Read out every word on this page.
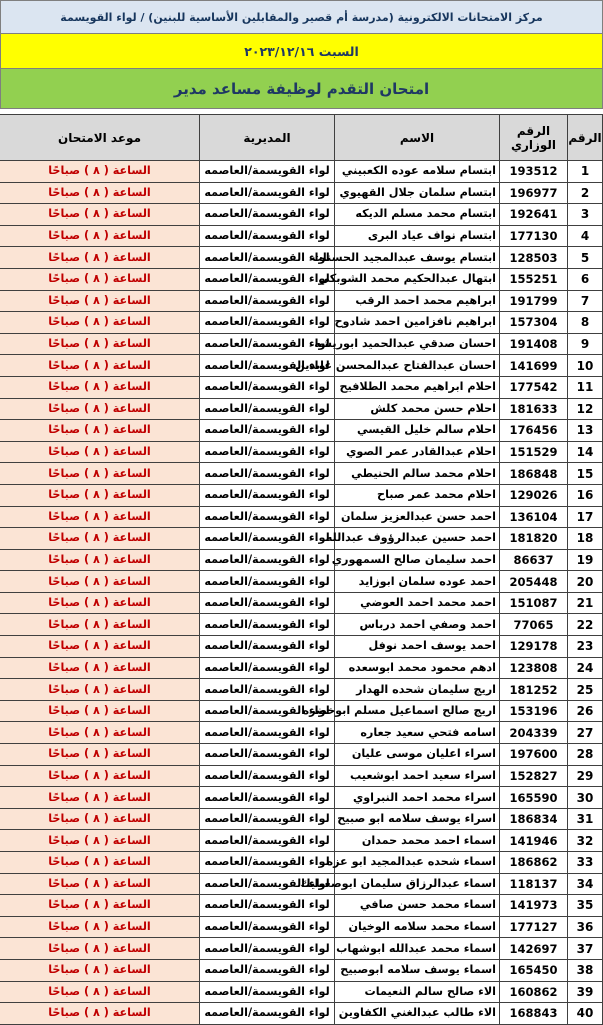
مركز الامتحانات الالكترونية (مدرسة أم قصير والمقابلين الأساسية للبنين) / لواء القويسمة
السبت ٢٠٢٣/١٢/١٦
امتحان التقدم لوظيفة مساعد مدير
الرقم	الرقم الوزاري	الاسم	المديرية	موعد الامتحان
1	193512	ابتسام سلامه عوده الكعبيني	لواء القويسمة/العاصمه	الساعة ( ٨ ) صباحًا
2	196977	ابتسام سلمان جلال القهيوي	لواء القويسمة/العاصمه	الساعة ( ٨ ) صباحًا
3	192641	ابتسام محمد مسلم الديكه	لواء القويسمة/العاصمه	الساعة ( ٨ ) صباحًا
4	177130	ابتسام نواف عياد البرى	لواء القويسمة/العاصمه	الساعة ( ٨ ) صباحًا
5	128503	ابتسام يوسف عبدالمجيد الحسنات	لواء القويسمة/العاصمه	الساعة ( ٨ ) صباحًا
6	155251	ابتهال عبدالحكيم محمد الشوبكي	لواء القويسمة/العاصمه	الساعة ( ٨ ) صباحًا
7	191799	ابراهيم محمد احمد الرقب	لواء القويسمة/العاصمه	الساعة ( ٨ ) صباحًا
8	157304	ابراهيم نافزامين احمد شادوح	لواء القويسمة/العاصمه	الساعة ( ٨ ) صباحًا
9	191408	احسان صدقي عبدالحميد ابوريشه	لواء القويسمة/العاصمه	الساعة ( ٨ ) صباحًا
10	141699	احسان عبدالفتاح عبدالمحسن عابدين	لواء القويسمة/العاصمه	الساعة ( ٨ ) صباحًا
11	177542	احلام ابراهيم محمد الطلافيح	لواء القويسمة/العاصمه	الساعة ( ٨ ) صباحًا
12	181633	احلام حسن محمد كلش	لواء القويسمة/العاصمه	الساعة ( ٨ ) صباحًا
13	176456	احلام سالم خليل القيسي	لواء القويسمة/العاصمه	الساعة ( ٨ ) صباحًا
14	151529	احلام عبدالقادر عمر الصوي	لواء القويسمة/العاصمه	الساعة ( ٨ ) صباحًا
15	186848	احلام محمد سالم الحنيطي	لواء القويسمة/العاصمه	الساعة ( ٨ ) صباحًا
16	129026	احلام محمد عمر صباح	لواء القويسمة/العاصمه	الساعة ( ٨ ) صباحًا
17	136104	احمد حسن عبدالعزيز سلمان	لواء القويسمة/العاصمه	الساعة ( ٨ ) صباحًا
18	181820	احمد حسين عبدالرؤوف عبدالله	لواء القويسمة/العاصمه	الساعة ( ٨ ) صباحًا
19	86637	احمد سليمان صالح السمهوري	لواء القويسمة/العاصمه	الساعة ( ٨ ) صباحًا
20	205448	احمد عوده سلمان ابوزايد	لواء القويسمة/العاصمه	الساعة ( ٨ ) صباحًا
21	151087	احمد محمد احمد العوضي	لواء القويسمة/العاصمه	الساعة ( ٨ ) صباحًا
22	77065	احمد وصفي احمد درباس	لواء القويسمة/العاصمه	الساعة ( ٨ ) صباحًا
23	129178	احمد يوسف احمد نوفل	لواء القويسمة/العاصمه	الساعة ( ٨ ) صباحًا
24	123808	ادهم محمود محمد ابوسعده	لواء القويسمة/العاصمه	الساعة ( ٨ ) صباحًا
25	181252	اريج سليمان شحده الهدار	لواء القويسمة/العاصمه	الساعة ( ٨ ) صباحًا
26	153196	اريج صالح اسماعيل مسلم ابوخضره	لواء القويسمة/العاصمه	الساعة ( ٨ ) صباحًا
27	204339	اسامه فتحي سعيد جعاره	لواء القويسمة/العاصمه	الساعة ( ٨ ) صباحًا
28	197600	اسراء اعليان موسى عليان	لواء القويسمة/العاصمه	الساعة ( ٨ ) صباحًا
29	152827	اسراء سعيد احمد ابوشعيب	لواء القويسمة/العاصمه	الساعة ( ٨ ) صباحًا
30	165590	اسراء محمد احمد النبراوي	لواء القويسمة/العاصمه	الساعة ( ٨ ) صباحًا
31	186834	اسراء يوسف سلامه ابو صبيح	لواء القويسمة/العاصمه	الساعة ( ٨ ) صباحًا
32	141946	اسماء احمد محمد حمدان	لواء القويسمة/العاصمه	الساعة ( ٨ ) صباحًا
33	186862	اسماء شحده عبدالمجيد ابو عزه	لواء القويسمة/العاصمه	الساعة ( ٨ ) صباحًا
34	118137	اسماء عبدالرزاق سليمان ابوصعيليك	لواء القويسمة/العاصمه	الساعة ( ٨ ) صباحًا
35	141973	اسماء محمد حسن صافي	لواء القويسمة/العاصمه	الساعة ( ٨ ) صباحًا
36	177127	اسماء محمد سلامه الوخيان	لواء القويسمة/العاصمه	الساعة ( ٨ ) صباحًا
37	142697	اسماء محمد عبدالله ابوشهاب	لواء القويسمة/العاصمه	الساعة ( ٨ ) صباحًا
38	165450	اسماء يوسف سلامه ابوصبيح	لواء القويسمة/العاصمه	الساعة ( ٨ ) صباحًا
39	160862	الاء صالح سالم النعيمات	لواء القويسمة/العاصمه	الساعة ( ٨ ) صباحًا
40	168843	الاء طالب عبدالغني الكفاوين	لواء القويسمة/العاصمه	الساعة ( ٨ ) صباحًا
